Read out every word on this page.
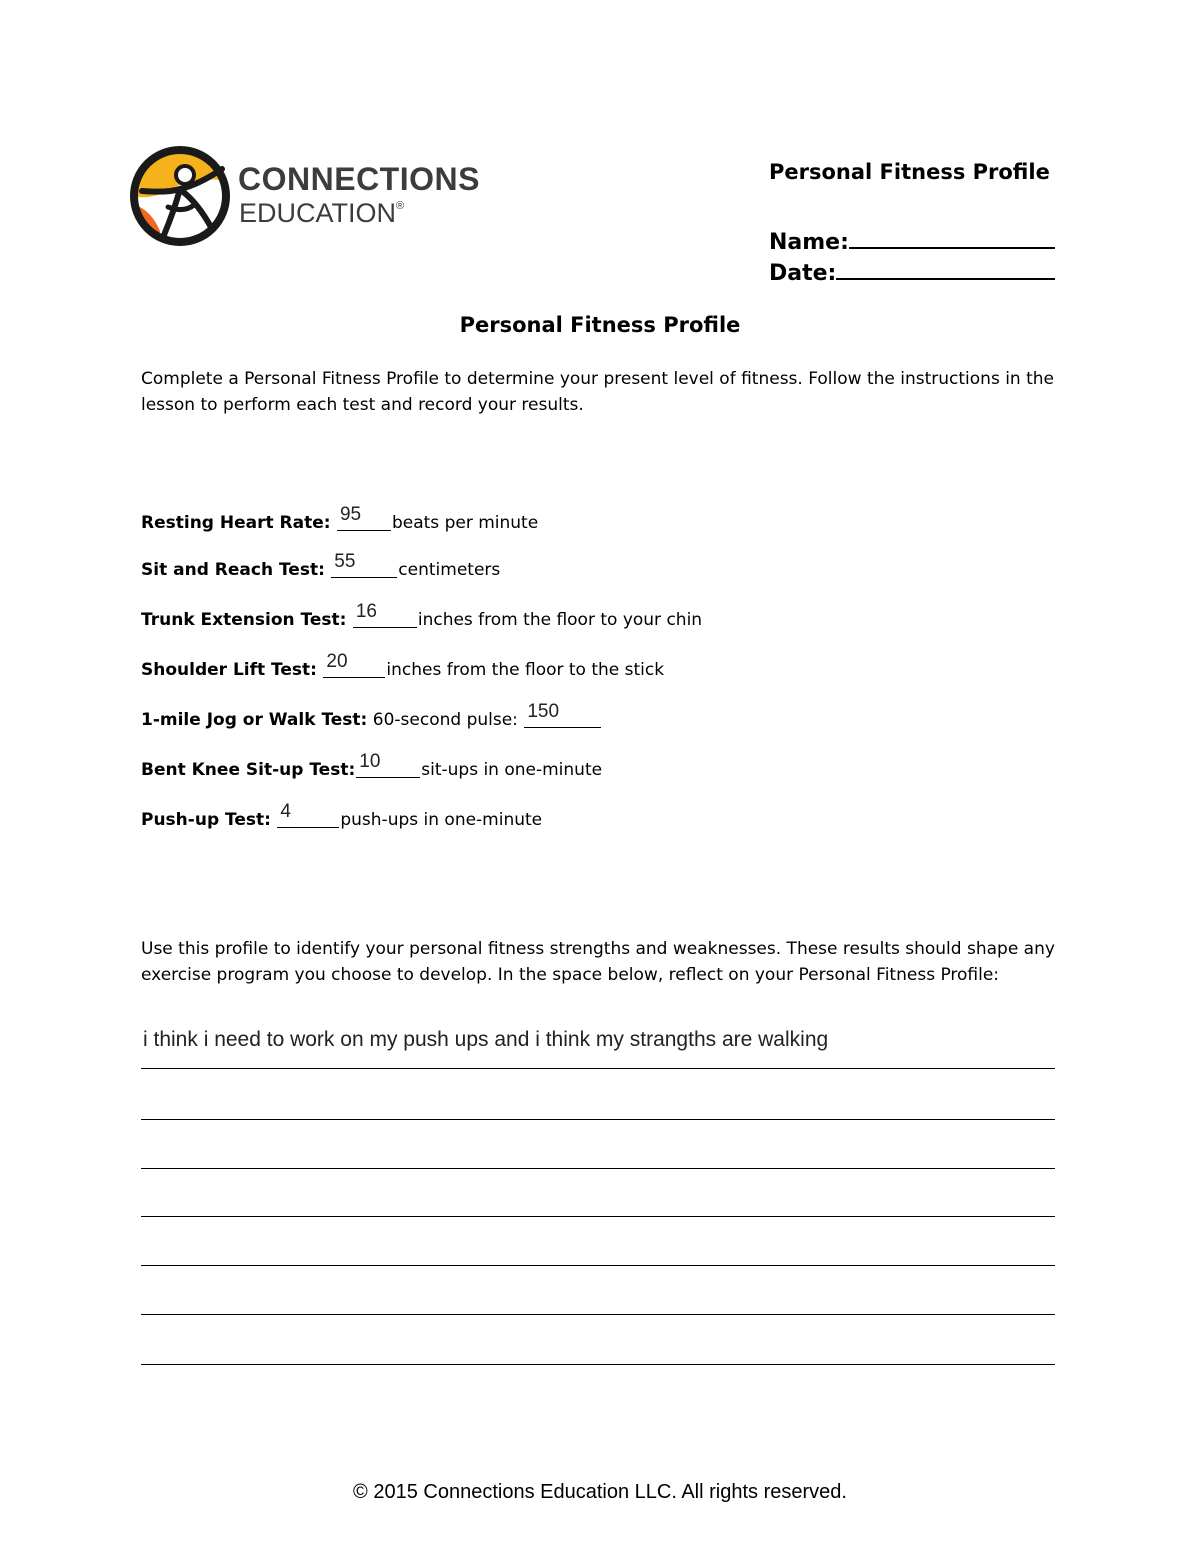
CONNECTIONS
EDUCATION®
Personal Fitness Profile
Name:
Date:
Personal Fitness Profile
Complete a Personal Fitness Profile to determine your present level of fitness. Follow the instructions in the lesson to perform each test and record your results.
Resting Heart Rate: 95 beats per minute
Sit and Reach Test: 55	centimeters
Trunk Extension Test: 16 inches from the floor to your chin
Shoulder Lift Test: 20 inches from the floor to the stick
1-mile Jog or Walk Test: 60-second pulse: 150
Bent Knee Sit-up Test: 10 sit-ups in one-minute
Push-up Test: 4	push-ups in one-minute
Use this profile to identify your personal fitness strengths and weaknesses. These results should shape any exercise program you choose to develop. In the space below, reflect on your Personal Fitness Profile:
i think i need to work on my push ups and i think my strangths are walking
© 2015 Connections Education LLC. All rights reserved.
